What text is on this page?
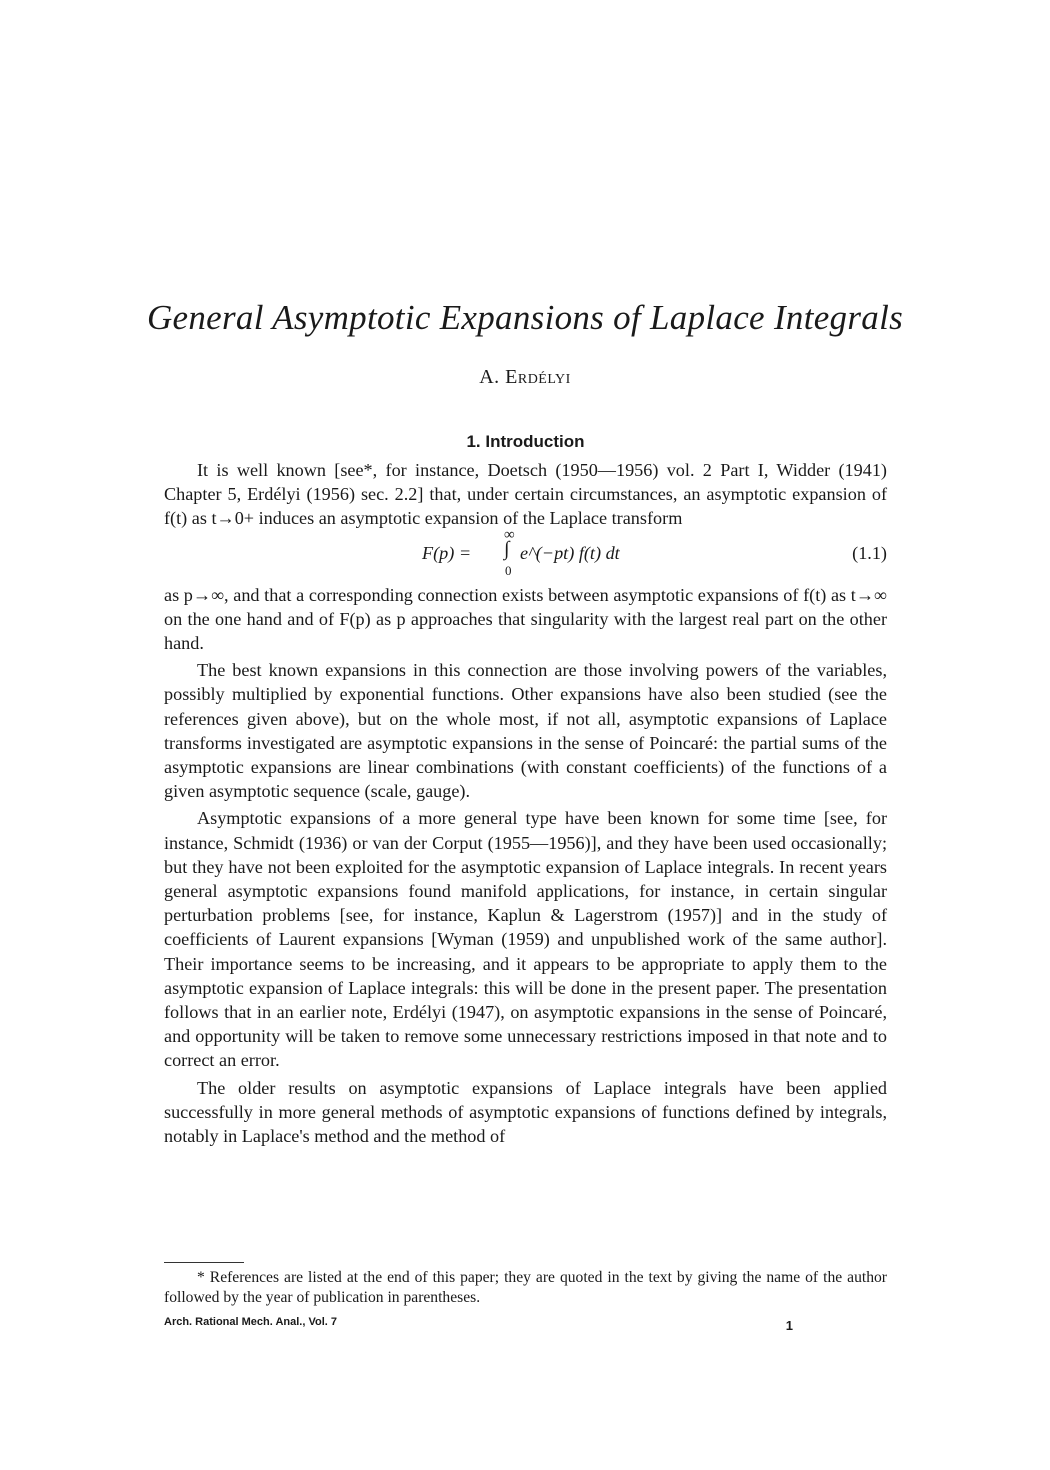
General Asymptotic Expansions of Laplace Integrals
A. Erdélyi
1. Introduction

It is well known [see*, for instance, Doetsch (1950—1956) vol. 2 Part I, Widder (1941) Chapter 5, Erdélyi (1956) sec. 2.2] that, under certain circumstances, an asymptotic expansion of f(t) as t→0+ induces an asymptotic expansion of the Laplace transform

F(p) =
∞
∫
0
e^(−pt) f(t) dt	(1.1)

as p→∞, and that a corresponding connection exists between asymptotic expansions of f(t) as t→∞ on the one hand and of F(p) as p approaches that singularity with the largest real part on the other hand.

The best known expansions in this connection are those involving powers of the variables, possibly multiplied by exponential functions. Other expansions have also been studied (see the references given above), but on the whole most, if not all, asymptotic expansions of Laplace transforms investigated are asymptotic expansions in the sense of Poincaré: the partial sums of the asymptotic expansions are linear combinations (with constant coefficients) of the functions of a given asymptotic sequence (scale, gauge).

Asymptotic expansions of a more general type have been known for some time [see, for instance, Schmidt (1936) or van der Corput (1955—1956)], and they have been used occasionally; but they have not been exploited for the asymptotic expansion of Laplace integrals. In recent years general asymptotic expansions found manifold applications, for instance, in certain singular perturbation problems [see, for instance, Kaplun & Lagerstrom (1957)] and in the study of coefficients of Laurent expansions [Wyman (1959) and unpublished work of the same author]. Their importance seems to be increasing, and it appears to be appropriate to apply them to the asymptotic expansion of Laplace integrals: this will be done in the present paper. The presentation follows that in an earlier note, Erdélyi (1947), on asymptotic expansions in the sense of Poincaré, and opportunity will be taken to remove some unnecessary restrictions imposed in that note and to correct an error.

The older results on asymptotic expansions of Laplace integrals have been applied successfully in more general methods of asymptotic expansions of functions defined by integrals, notably in Laplace's method and the method of

* References are listed at the end of this paper; they are quoted in the text by giving the name of the author followed by the year of publication in parentheses.
Arch. Rational Mech. Anal., Vol. 7	1
